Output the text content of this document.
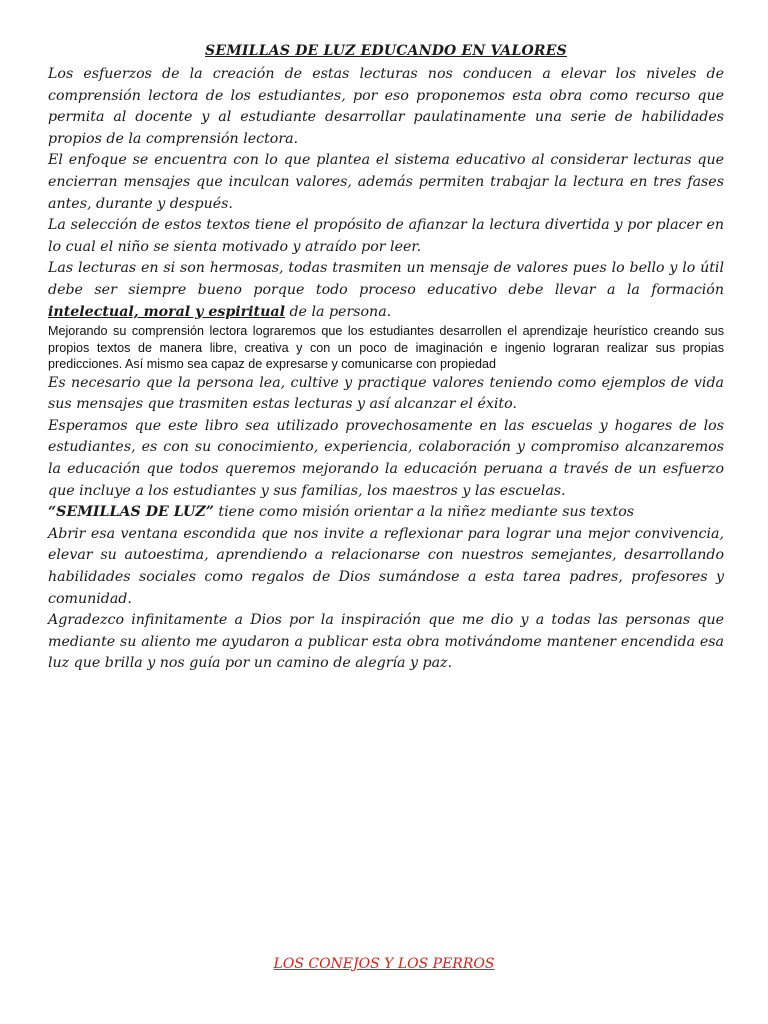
SEMILLAS DE LUZ EDUCANDO EN VALORES

Los esfuerzos de la creación de estas lecturas nos conducen a elevar los niveles de comprensión lectora de los estudiantes, por eso proponemos esta obra como recurso que permita al docente y al estudiante desarrollar paulatinamente una serie de habilidades propios de la comprensión lectora.

El enfoque se encuentra con lo que plantea el sistema educativo al considerar lecturas que encierran mensajes que inculcan valores, además permiten trabajar la lectura en tres fases antes, durante y después.

La selección de estos textos tiene el propósito de afianzar la lectura divertida y por placer en lo cual el niño se sienta motivado y atraído por leer.

Las lecturas en si son hermosas, todas trasmiten un mensaje de valores pues lo bello y lo útil debe ser siempre bueno porque todo proceso educativo debe llevar a la formación intelectual, moral y espiritual de la persona.

Mejorando su comprensión lectora lograremos que los estudiantes desarrollen el aprendizaje heurístico creando sus propios textos de manera libre, creativa y con un poco de imaginación e ingenio lograran realizar sus propias predicciones. Así mismo sea capaz de expresarse y comunicarse con propiedad

Es necesario que la persona lea, cultive y practique valores teniendo como ejemplos de vida sus mensajes que trasmiten estas lecturas y así alcanzar el éxito.

Esperamos que este libro sea utilizado provechosamente en las escuelas y hogares de los estudiantes, es con su conocimiento, experiencia, colaboración y compromiso alcanzaremos la educación que todos queremos mejorando la educación peruana a través de un esfuerzo que incluye a los estudiantes y sus familias, los maestros y las escuelas.

“SEMILLAS DE LUZ” tiene como misión orientar a la niñez mediante sus textos

Abrir esa ventana escondida que nos invite a reflexionar para lograr una mejor convivencia, elevar su autoestima, aprendiendo a relacionarse con nuestros semejantes, desarrollando habilidades sociales como regalos de Dios sumándose a esta tarea padres, profesores y comunidad.

Agradezco infinitamente a Dios por la inspiración que me dio y a todas las personas que mediante su aliento me ayudaron a publicar esta obra motivándome mantener encendida esa luz que brilla y nos guía por un camino de alegría y paz.

LOS CONEJOS Y LOS PERROS
